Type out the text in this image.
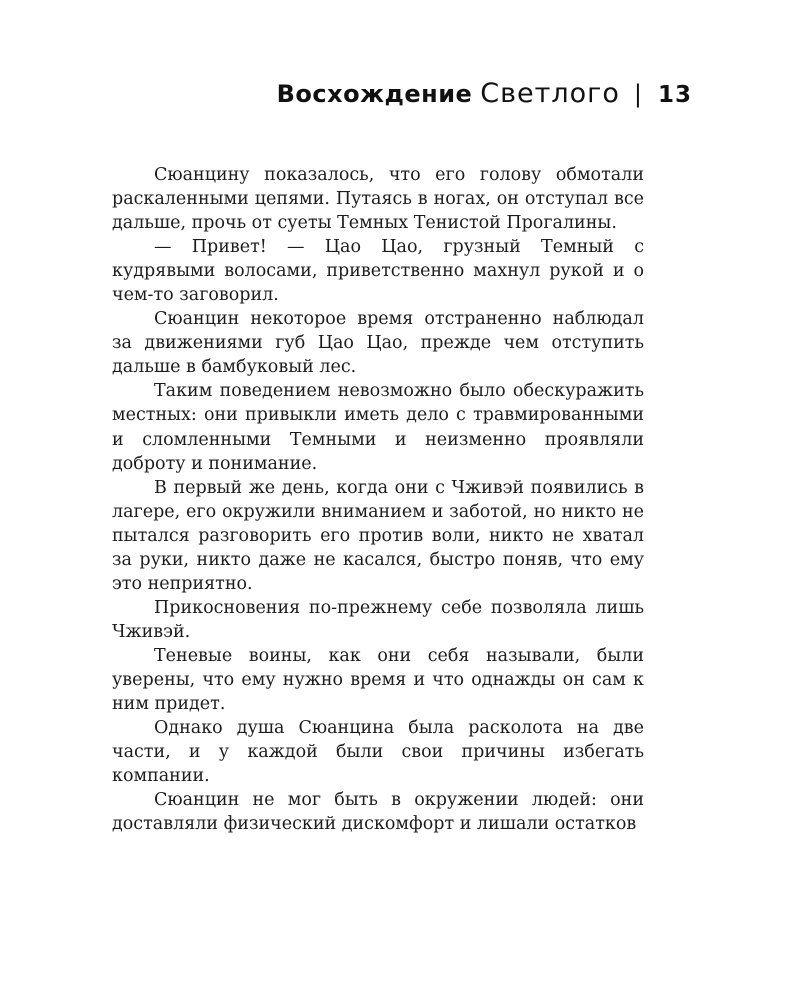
Восхождение Светлого | 13

Сюанцину показалось, что его голову обмотали раскаленными цепями. Путаясь в ногах, он отступал все дальше, прочь от суеты Темных Тенистой Прогалины.

— Привет! — Цао Цао, грузный Темный с кудрявыми волосами, приветственно махнул рукой и о чем-то заговорил.

Сюанцин некоторое время отстраненно наблюдал за движениями губ Цао Цао, прежде чем отступить дальше в бамбуковый лес.

Таким поведением невозможно было обескуражить местных: они привыкли иметь дело с травмированными и сломленными Темными и неизменно проявляли доброту и понимание.

В первый же день, когда они с Чживэй появились в лагере, его окружили вниманием и заботой, но никто не пытался разговорить его против воли, никто не хватал за руки, никто даже не касался, быстро поняв, что ему это неприятно.

Прикосновения по-прежнему себе позволяла лишь Чживэй.

Теневые воины, как они себя называли, были уверены, что ему нужно время и что однажды он сам к ним придет.

Однако душа Сюанцина была расколота на две части, и у каждой были свои причины избегать компании.

Сюанцин не мог быть в окружении людей: они доставляли физический дискомфорт и лишали остатков
